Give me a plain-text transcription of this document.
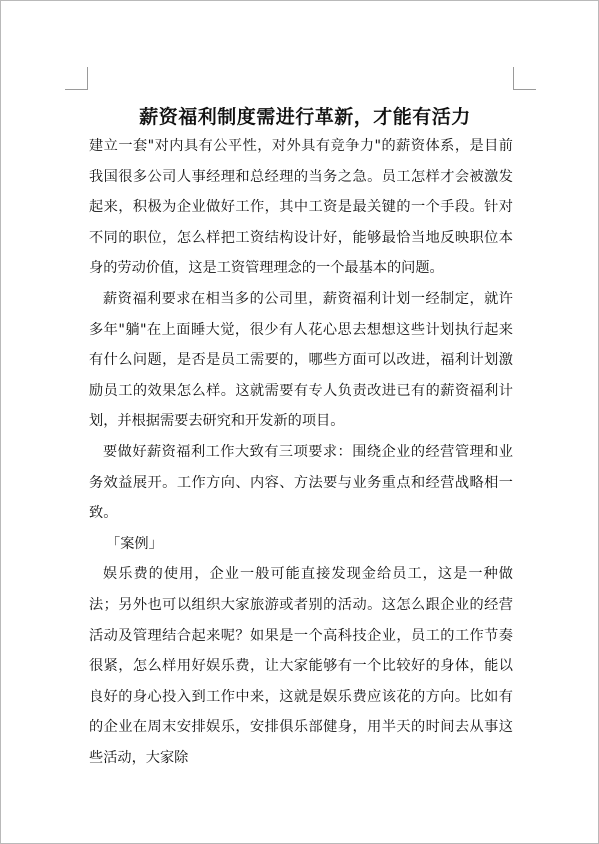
薪资福利制度需进行革新，才能有活力

建立一套"对内具有公平性，对外具有竞争力"的薪资体系，是目前我国很多公司人事经理和总经理的当务之急。员工怎样才会被激发起来，积极为企业做好工作，其中工资是最关键的一个手段。针对不同的职位，怎么样把工资结构设计好，能够最恰当地反映职位本身的劳动价值，这是工资管理理念的一个最基本的问题。

薪资福利要求在相当多的公司里，薪资福利计划一经制定，就许多年"躺"在上面睡大觉，很少有人花心思去想想这些计划执行起来有什么问题，是否是员工需要的，哪些方面可以改进，福利计划激励员工的效果怎么样。这就需要有专人负责改进已有的薪资福利计划，并根据需要去研究和开发新的项目。

要做好薪资福利工作大致有三项要求：围绕企业的经营管理和业务效益展开。工作方向、内容、方法要与业务重点和经营战略相一致。

「案例」

娱乐费的使用，企业一般可能直接发现金给员工，这是一种做法；另外也可以组织大家旅游或者别的活动。这怎么跟企业的经营活动及管理结合起来呢？如果是一个高科技企业，员工的工作节奏很紧，怎么样用好娱乐费，让大家能够有一个比较好的身体，能以良好的身心投入到工作中来，这就是娱乐费应该花的方向。比如有的企业在周末安排娱乐，安排俱乐部健身，用半天的时间去从事这些活动，大家除
